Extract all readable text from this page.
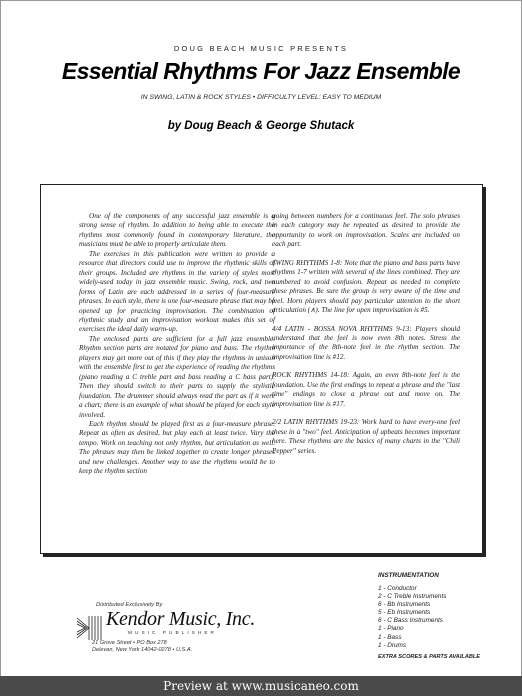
DOUG BEACH MUSIC PRESENTS
Essential Rhythms For Jazz Ensemble
IN SWING, LATIN & ROCK STYLES • DIFFICULTY LEVEL: EASY TO MEDIUM
by Doug Beach & George Shutack

One of the components of any successful jazz ensemble is a strong sense of rhythm. In addition to being able to execute the rhythms most commonly found in contemporary literature, the musicians must be able to properly articulate them.

The exercises in this publication were written to provide a resource that directors could use to improve the rhythmic skills of their groups. Included are rhythms in the variety of styles most widely-used today in jazz ensemble music. Swing, rock, and two forms of Latin are each addressed in a series of four-measure phrases. In each style, there is one four-measure phrase that may be opened up for practicing improvisation. The combination of rhythmic study and an improvisation workout makes this set of exercises the ideal daily warm-up.

The enclosed parts are sufficient for a full jazz ensemble. Rhythm section parts are notated for piano and bass. The rhythm players may get more out of this if they play the rhythms in unison with the ensemble first to get the experience of reading the rhythms (piano reading a C treble part and bass reading a C bass part). Then they should switch to their parts to supply the stylistic foundation. The drummer should always read the part as if it were a chart; there is an example of what should be played for each style involved.

Each rhythm should be played first as a four-measure phrase. Repeat as often as desired, but play each at least twice. Vary the tempo. Work on teaching not only rhythm, but articulation as well. The phrases may then be linked together to create longer phrases and new challenges. Another way to use the rhythms would be to keep the rhythm section

going between numbers for a continuous feel. The solo phrases in each category may be repeated as desired to provide the opportunity to work on improvisation. Scales are included on each part.

SWING RHYTHMS 1-8: Note that the piano and bass parts have rhythms 1-7 written with several of the lines combined. They are numbered to avoid confusion. Repeat as needed to complete these phrases. Be sure the group is very aware of the time and feel. Horn players should pay particular attention to the short articulation (∧). The line for open improvisation is #5.

4/4 LATIN - BOSSA NOVA RHYTHMS 9-13: Players should understand that the feel is now even 8th notes. Stress the importance of the 8th-note feel in the rhythm section. The improvisation line is #12.

ROCK RHYTHMS 14-18: Again, an even 8th-note feel is the foundation. Use the first endings to repeat a phrase and the "last time" endings to close a phrase out and move on. The improvisation line is #17.

2/2 LATIN RHYTHMS 19-23: Work hard to have every-one feel these in a "two" feel. Anticipation of upbeats becomes important here. These rhythms are the basics of many charts in the "Chili Pepper" series.

INSTRUMENTATION
1 - Conductor
2 - C Treble Instruments
6 - Bb Instruments
5 - Eb Instruments
6 - C Bass Instruments
1 - Piano
1 - Bass
1 - Drums
EXTRA SCORES & PARTS AVAILABLE
Distributed Exclusively By
Kendor Music, Inc.
MUSIC PUBLISHER
21 Grove Street • PO Box 278
Delevan, New York 14042-0278 • U.S.A.
Preview at www.musicaneo.com
